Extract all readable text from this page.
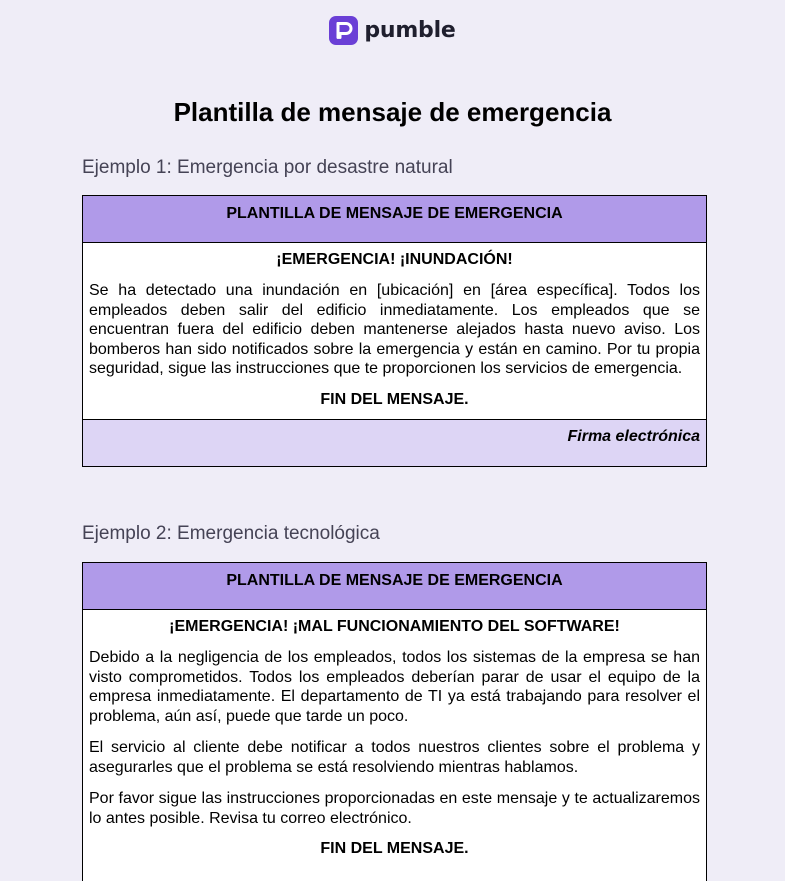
pumble
Plantilla de mensaje de emergencia
Ejemplo 1: Emergencia por desastre natural
PLANTILLA DE MENSAJE DE EMERGENCIA

¡EMERGENCIA! ¡INUNDACIÓN!

Se ha detectado una inundación en [ubicación] en [área específica]. Todos los empleados deben salir del edificio inmediatamente. Los empleados que se encuentran fuera del edificio deben mantenerse alejados hasta nuevo aviso. Los bomberos han sido notificados sobre la emergencia y están en camino. Por tu propia seguridad, sigue las instrucciones que te proporcionen los servicios de emergencia.

FIN DEL MENSAJE.

Firma electrónica
Ejemplo 2: Emergencia tecnológica
PLANTILLA DE MENSAJE DE EMERGENCIA

¡EMERGENCIA! ¡MAL FUNCIONAMIENTO DEL SOFTWARE!

Debido a la negligencia de los empleados, todos los sistemas de la empresa se han visto comprometidos. Todos los empleados deberían parar de usar el equipo de la empresa inmediatamente. El departamento de TI ya está trabajando para resolver el problema, aún así, puede que tarde un poco.

El servicio al cliente debe notificar a todos nuestros clientes sobre el problema y asegurarles que el problema se está resolviendo mientras hablamos.

Por favor sigue las instrucciones proporcionadas en este mensaje y te actualizaremos lo antes posible. Revisa tu correo electrónico.

FIN DEL MENSAJE.
